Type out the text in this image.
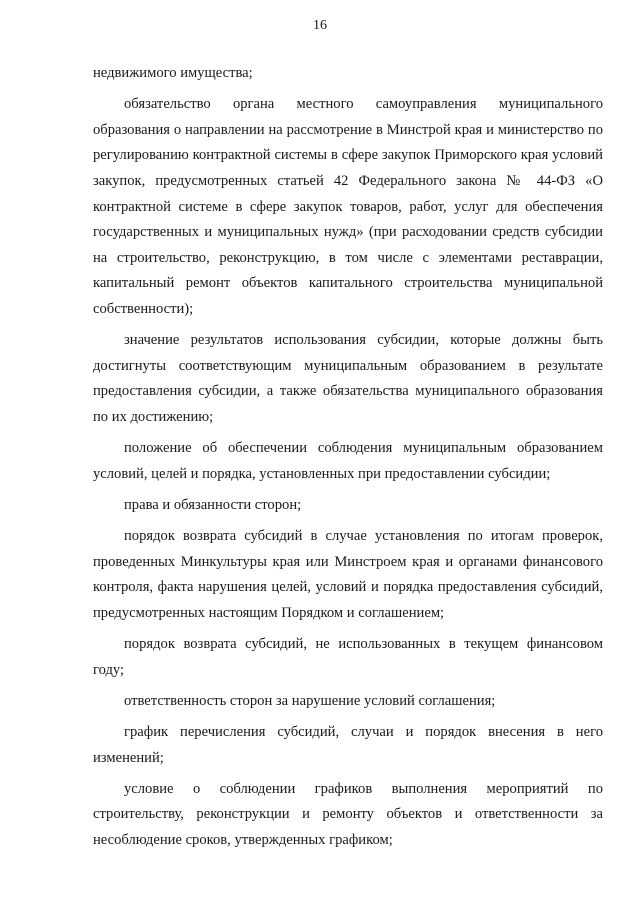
16

недвижимого имущества;

обязательство органа местного самоуправления муниципального образования о направлении на рассмотрение в Минстрой края и министерство по регулированию контрактной системы в сфере закупок Приморского края условий закупок, предусмотренных статьей 42 Федерального закона № 44-ФЗ «О контрактной системе в сфере закупок товаров, работ, услуг для обеспечения государственных и муниципальных нужд» (при расходовании средств субсидии на строительство, реконструкцию, в том числе с элементами реставрации, капитальный ремонт объектов капитального строительства муниципальной собственности);

значение результатов использования субсидии, которые должны быть достигнуты соответствующим муниципальным образованием в результате предоставления субсидии, а также обязательства муниципального образования по их достижению;

положение об обеспечении соблюдения муниципальным образованием условий, целей и порядка, установленных при предоставлении субсидии;

права и обязанности сторон;

порядок возврата субсидий в случае установления по итогам проверок, проведенных Минкультуры края или Минстроем края и органами финансового контроля, факта нарушения целей, условий и порядка предоставления субсидий, предусмотренных настоящим Порядком и соглашением;

порядок возврата субсидий, не использованных в текущем финансовом году;

ответственность сторон за нарушение условий соглашения;

график перечисления субсидий, случаи и порядок внесения в него изменений;

условие о соблюдении графиков выполнения мероприятий по строительству, реконструкции и ремонту объектов и ответственности за несоблюдение сроков, утвержденных графиком;
